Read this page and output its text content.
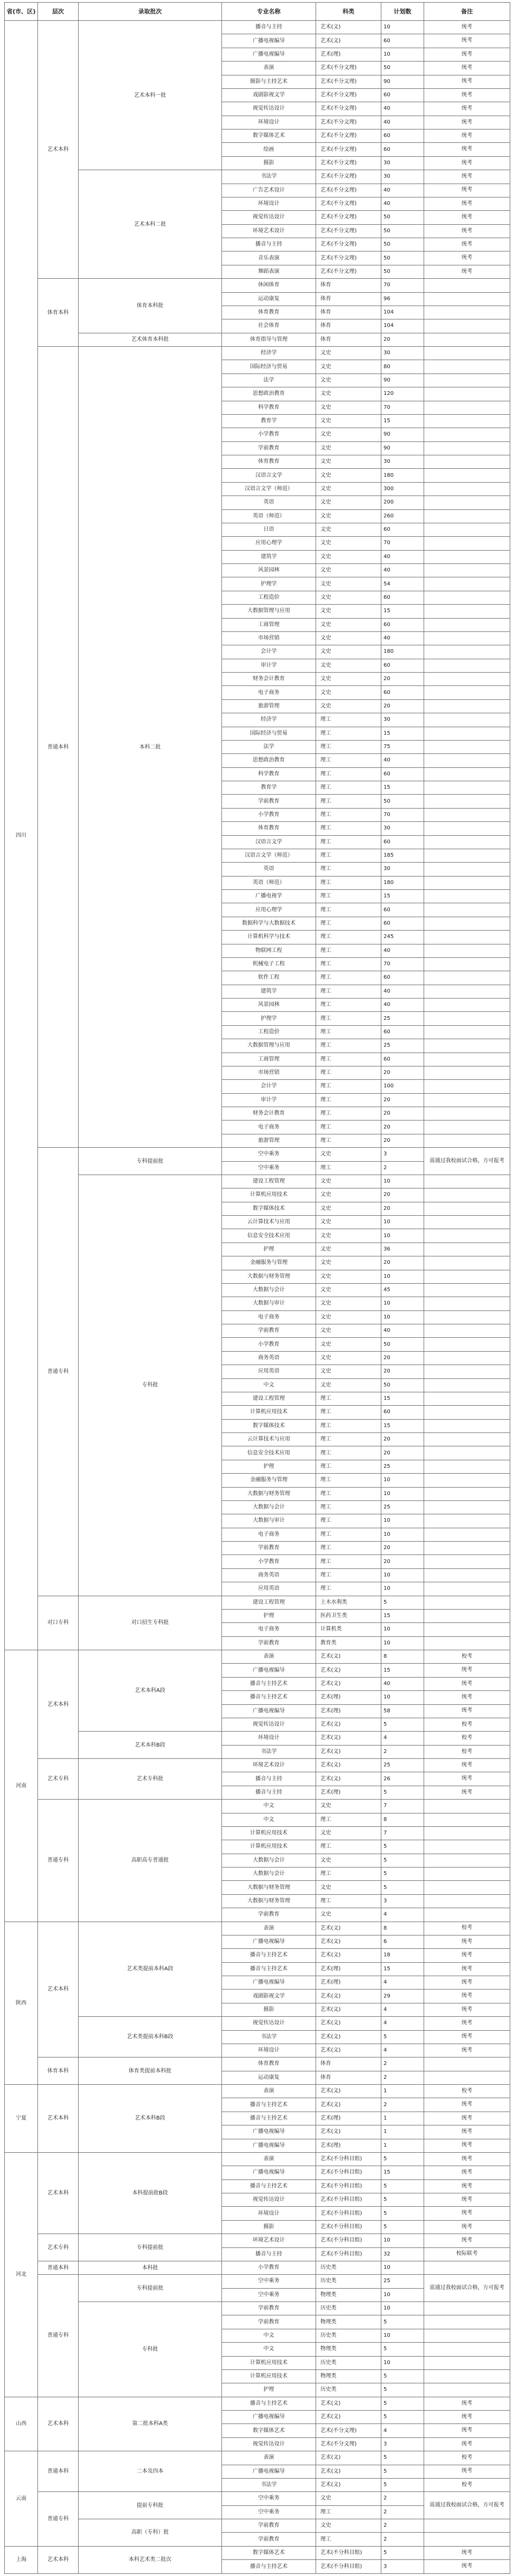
省(市、区)	层次	录取批次	专业名称	科类	计划数	备注
四川	艺术本科	艺术本科一批	播音与主持	艺术(文)	10	统考
			广播电视编导	艺术(文)	60	统考
			广播电视编导	艺术(理)	10	统考
			表演	艺术(不分文理)	50	统考
			摄影与主持艺术	艺术(不分文理)	90	统考
			戏剧影视文学	艺术(不分文理)	60	统考
			视觉传达设计	艺术(不分文理)	40	统考
			环境设计	艺术(不分文理)	40	统考
			数字媒体艺术	艺术(不分文理)	60	统考
			绘画	艺术(不分文理)	60	统考
			摄影	艺术(不分文理)	30	统考
		艺术本科二批	书法学	艺术(不分文理)	30	统考
			广告艺术设计	艺术(不分文理)	40	统考
			环境设计	艺术(不分文理)	40	统考
			视觉传达设计	艺术(不分文理)	50	统考
			环境艺术设计	艺术(不分文理)	50	统考
			播音与主持	艺术(不分文理)	50	统考
			音乐表演	艺术(不分文理)	50	统考
			舞蹈表演	艺术(不分文理)	50	统考
	体育本科	体育本科批	休闲体育	体育	70	
			运动康复	体育	96	
			体育教育	体育	104	
			社会体育	体育	104	
		艺术体育本科批	体育指导与管理	体育	20	
	普通本科	本科二批	经济学	文史	30	
			国际经济与贸易	文史	80	
			法学	文史	90	
			思想政治教育	文史	120	
			科学教育	文史	70	
			教育学	文史	15	
			小学教育	文史	90	
			学前教育	文史	90	
			体育教育	文史	30	
			汉语言文学	文史	180	
			汉语言文学（师范）	文史	300	
			英语	文史	200	
			英语（师范）	文史	260	
			日语	文史	60	
			应用心理学	文史	70	
			建筑学	文史	40	
			风景园林	文史	40	
			护理学	文史	54	
			工程造价	文史	60	
			大数据管理与应用	文史	15	
			工商管理	文史	60	
			市场营销	文史	40	
			会计学	文史	180	
			审计学	文史	60	
			财务会计教育	文史	20	
			电子商务	文史	60	
			旅游管理	文史	20	
			经济学	理工	30	
			国际经济与贸易	理工	15	
			法学	理工	75	
			思想政治教育	理工	40	
			科学教育	理工	60	
			教育学	理工	15	
			学前教育	理工	50	
			小学教育	理工	70	
			体育教育	理工	30	
			汉语言文学	理工	60	
			汉语言文学（师范）	理工	185	
			英语	理工	30	
			英语（师范）	理工	180	
			广播电视学	理工	15	
			应用心理学	理工	60	
			数据科学与大数据技术	理工	60	
			计算机科学与技术	理工	245	
			物联网工程	理工	40	
			机械电子工程	理工	70	
			软件工程	理工	60	
			建筑学	理工	40	
			风景园林	理工	40	
			护理学	理工	25	
			工程造价	理工	60	
			大数据管理与应用	理工	25	
			工商管理	理工	60	
			市场营销	理工	20	
			会计学	理工	100	
			审计学	理工	20	
			财务会计教育	理工	20	
			电子商务	理工	20	
			旅游管理	理工	20	
	普通专科	专科提前批	空中乘务	文史	3	需通过我校面试合格，方可报考
			空中乘务	理工	2	
		专科批	建设工程管理	文史	10	
			计算机应用技术	文史	20	
			数字媒体技术	文史	20	
			云计算技术与应用	文史	10	
			信息安全技术应用	文史	10	
			护理	文史	36	
			金融服务与管理	文史	20	
			大数据与财务管理	文史	10	
			大数据与会计	文史	45	
			大数据与审计	文史	10	
			电子商务	文史	10	
			学前教育	文史	40	
			小学教育	文史	50	
			商务英语	文史	20	
			应用英语	文史	20	
			中文	文史	50	
			建设工程管理	理工	15	
			计算机应用技术	理工	60	
			数字媒体技术	理工	15	
			云计算技术与应用	理工	20	
			信息安全技术应用	理工	20	
			护理	理工	25	
			金融服务与管理	理工	10	
			大数据与财务管理	理工	10	
			大数据与会计	理工	25	
			大数据与审计	理工	10	
			电子商务	理工	10	
			学前教育	理工	20	
			小学教育	理工	20	
			商务英语	理工	10	
			应用英语	理工	10	
	对口专科	对口招生专科批	建设工程管理	土木水利类	5	
			护理	医药卫生类	15	
			电子商务	计算机类	10	
			学前教育	教育类	10	
河南	艺术本科	艺术本科A段	表演	艺术(文)	8	校考
			广播电视编导	艺术(文)	15	统考
			播音与主持艺术	艺术(文)	40	统考
			播音与主持艺术	艺术(理)	10	统考
			广播电视编导	艺术(理)	58	统考
			视觉传达设计	艺术(文)	5	校考
		艺术本科B段	环境设计	艺术(文)	4	校考
			书法学	艺术(文)	2	校考
	艺术专科	艺术专科批	环境艺术设计	艺术(文)	25	统考
			播音与主持	艺术(文)	26	统考
			播音与主持	艺术(理)	5	统考
	普通专科	高职高专普通批	中文	文史	7	
			中文	理工	8	
			计算机应用技术	文史	7	
			计算机应用技术	理工	5	
			大数据与会计	文史	5	
			大数据与会计	理工	5	
			大数据与财务管理	文史	5	
			大数据与财务管理	理工	3	
			学前教育	文史	4	
陕西	艺术本科	艺术类提前本科A段	表演	艺术(文)	8	校考
			广播电视编导	艺术(文)	6	统考
			播音与主持艺术	艺术(文)	18	统考
			播音与主持艺术	艺术(理)	15	统考
			广播电视编导	艺术(理)	4	统考
			戏剧影视文学	艺术(文)	29	统考
			摄影	艺术(文)	4	统考
		艺术类提前本科B段	视觉传达设计	艺术(文)	4	统考
			书法学	艺术(文)	5	统考
			环境设计	艺术(文)	4	统考
	体育本科	体育类提前本科批	体育教育	体育	2	
			运动康复	体育	2	
宁夏	艺术本科	艺术本科B段	表演	艺术(文)	1	校考
			播音与主持艺术	艺术(文)	2	统考
			播音与主持艺术	艺术(理)	1	统考
			广播电视编导	艺术(文)	1	统考
			广播电视编导	艺术(理)	1	统考
河北	艺术本科	本科提前批B段	表演	艺术(不分科目组)	5	统考
			广播电视编导	艺术(不分科目组)	15	统考
			播音与主持艺术	艺术(不分科目组)	5	统考
			视觉传达设计	艺术(不分科目组)	5	统考
			环境设计	艺术(不分科目组)	5	统考
			摄影	艺术(不分科目组)	5	统考
	艺术专科	专科提前批	环境艺术设计	艺术(不分科目组)	10	统考
			播音与主持	艺术(不分科目组)	32	校际联考
	普通本科	本科批	小学教育	历史类	10	
	普通专科	专科提前批	空中乘务	历史类	25	需通过我校面试合格，方可报考
			空中乘务	物理类	10	
		专科批	学前教育	历史类	10	
			学前教育	物理类	5	
			中文	历史类	10	
			中文	物理类	5	
			计算机应用技术	历史类	10	
			计算机应用技术	物理类	5	
			护理	历史类	5	
山西	艺术本科	第二批本科A类	播音与主持艺术	艺术(文)	5	统考
			广播电视编导	艺术(文)	5	统考
			数字媒体艺术	艺术(不分文理)	4	统考
			视觉传达设计	艺术(不分文理)	3	统考
云南	普通本科	二本及四本	表演	艺术(文)	5	校考
			广播电视编导	艺术(文)	5	统考
			书法学	艺术(文)	5	校考
	普通专科	提前专科批	空中乘务	文史	2	需通过我校面试合格，方可报考
			空中乘务	理工	2	
		高职（专科）批	学前教育	文史	2	
			学前教育	理工	2	
上海	艺术本科	本科艺术类二批次	数字媒体艺术	艺术(不分科目组)	5	统考
			播音与主持艺术	艺术(不分科目组)	3	统考
